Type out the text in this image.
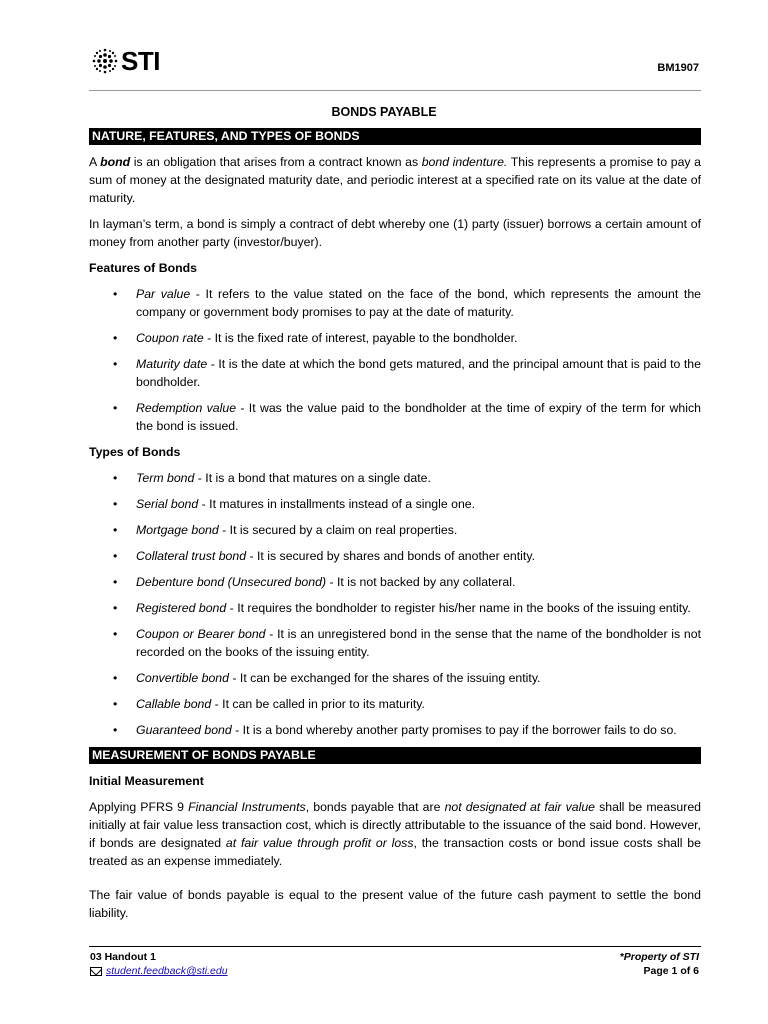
STI	BM1907
BONDS PAYABLE
NATURE, FEATURES, AND TYPES OF BONDS

A bond is an obligation that arises from a contract known as bond indenture. This represents a promise to pay a sum of money at the designated maturity date, and periodic interest at a specified rate on its value at the date of maturity.

In layman’s term, a bond is simply a contract of debt whereby one (1) party (issuer) borrows a certain amount of money from another party (investor/buyer).

Features of Bonds
• Par value - It refers to the value stated on the face of the bond, which represents the amount the company or government body promises to pay at the date of maturity.
• Coupon rate - It is the fixed rate of interest, payable to the bondholder.
• Maturity date - It is the date at which the bond gets matured, and the principal amount that is paid to the bondholder.
• Redemption value - It was the value paid to the bondholder at the time of expiry of the term for which the bond is issued.
Types of Bonds
• Term bond - It is a bond that matures on a single date.
• Serial bond - It matures in installments instead of a single one.
• Mortgage bond - It is secured by a claim on real properties.
• Collateral trust bond - It is secured by shares and bonds of another entity.
• Debenture bond (Unsecured bond) - It is not backed by any collateral.
• Registered bond - It requires the bondholder to register his/her name in the books of the issuing entity.
• Coupon or Bearer bond - It is an unregistered bond in the sense that the name of the bondholder is not recorded on the books of the issuing entity.
• Convertible bond - It can be exchanged for the shares of the issuing entity.
• Callable bond - It can be called in prior to its maturity.
• Guaranteed bond - It is a bond whereby another party promises to pay if the borrower fails to do so.
MEASUREMENT OF BONDS PAYABLE
Initial Measurement

Applying PFRS 9 Financial Instruments, bonds payable that are not designated at fair value shall be measured initially at fair value less transaction cost, which is directly attributable to the issuance of the said bond. However, if bonds are designated at fair value through profit or loss, the transaction costs or bond issue costs shall be treated as an expense immediately.

The fair value of bonds payable is equal to the present value of the future cash payment to settle the bond liability.

03 Handout 1
student.feedback@sti.edu
*Property of STI
Page 1 of 6
